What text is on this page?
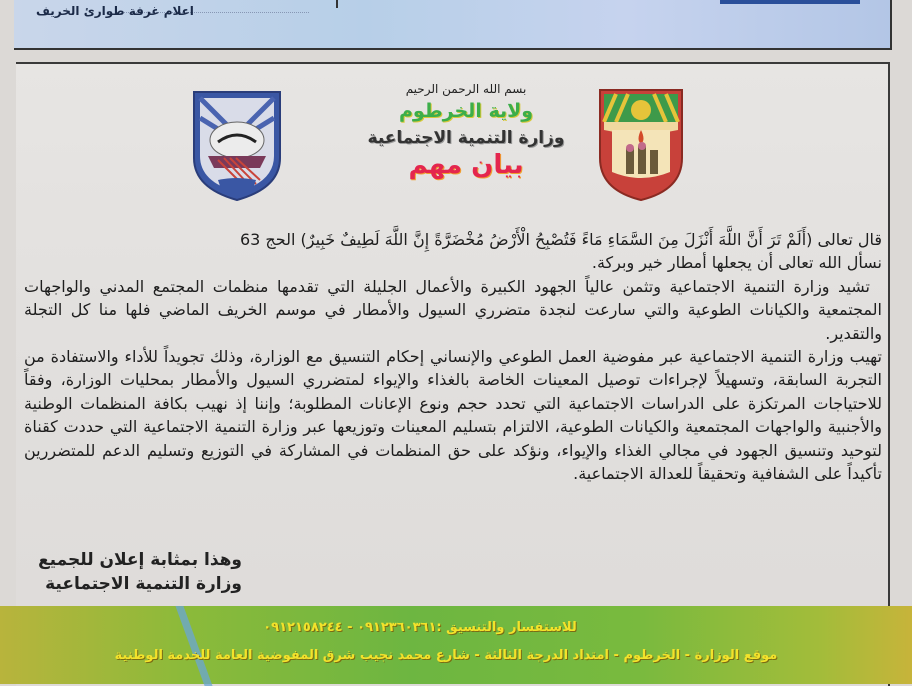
اعلام غرفة طوارئ الخريف
بسم الله الرحمن الرحيم
ولاية الخرطوم
وزارة التنمية الاجتماعية
بيان مهم

قال تعالى (أَلَمْ تَرَ أَنَّ اللَّهَ أَنْزَلَ مِنَ السَّمَاءِ مَاءً فَتُصْبِحُ الْأَرْضُ مُخْضَرَّةً إِنَّ اللَّهَ لَطِيفٌ خَبِيرٌ) الحج 63

نسأل الله تعالى أن يجعلها أمطار خير وبركة.

تشيد وزارة التنمية الاجتماعية وتثمن عالياً الجهود الكبيرة والأعمال الجليلة التي تقدمها منظمات المجتمع المدني والواجهات المجتمعية والكيانات الطوعية والتي سارعت لنجدة متضرري السيول والأمطار في موسم الخريف الماضي فلها منا كل التجلة والتقدير.

تهيب وزارة التنمية الاجتماعية عبر مفوضية العمل الطوعي والإنساني إحكام التنسيق مع الوزارة، وذلك تجويداً للأداء والاستفادة من التجربة السابقة، وتسهيلاً لإجراءات توصيل المعينات الخاصة بالغذاء والإيواء لمتضرري السيول والأمطار بمحليات الوزارة، وفقاً للاحتياجات المرتكزة على الدراسات الاجتماعية التي تحدد حجم ونوع الإعانات المطلوبة؛ وإننا إذ نهيب بكافة المنظمات الوطنية والأجنبية والواجهات المجتمعية والكيانات الطوعية، الالتزام بتسليم المعينات وتوزيعها عبر وزارة التنمية الاجتماعية التي حددت كقناة لتوحيد وتنسيق الجهود في مجالي الغذاء والإيواء، ونؤكد على حق المنظمات في المشاركة في التوزيع وتسليم الدعم للمتضررين تأكيداً على الشفافية وتحقيقاً للعدالة الاجتماعية.

وهذا بمثابة إعلان للجميع
وزارة التنمية الاجتماعية
للاستفسار والتنسيق :٠٩١٢٣٦٠٣٦١ - ٠٩١٢١٥٨٢٤٤
موقع الوزارة - الخرطوم - امتداد الدرجة الثالثة - شارع محمد نجيب شرق المفوضية العامة للخدمة الوطنية
